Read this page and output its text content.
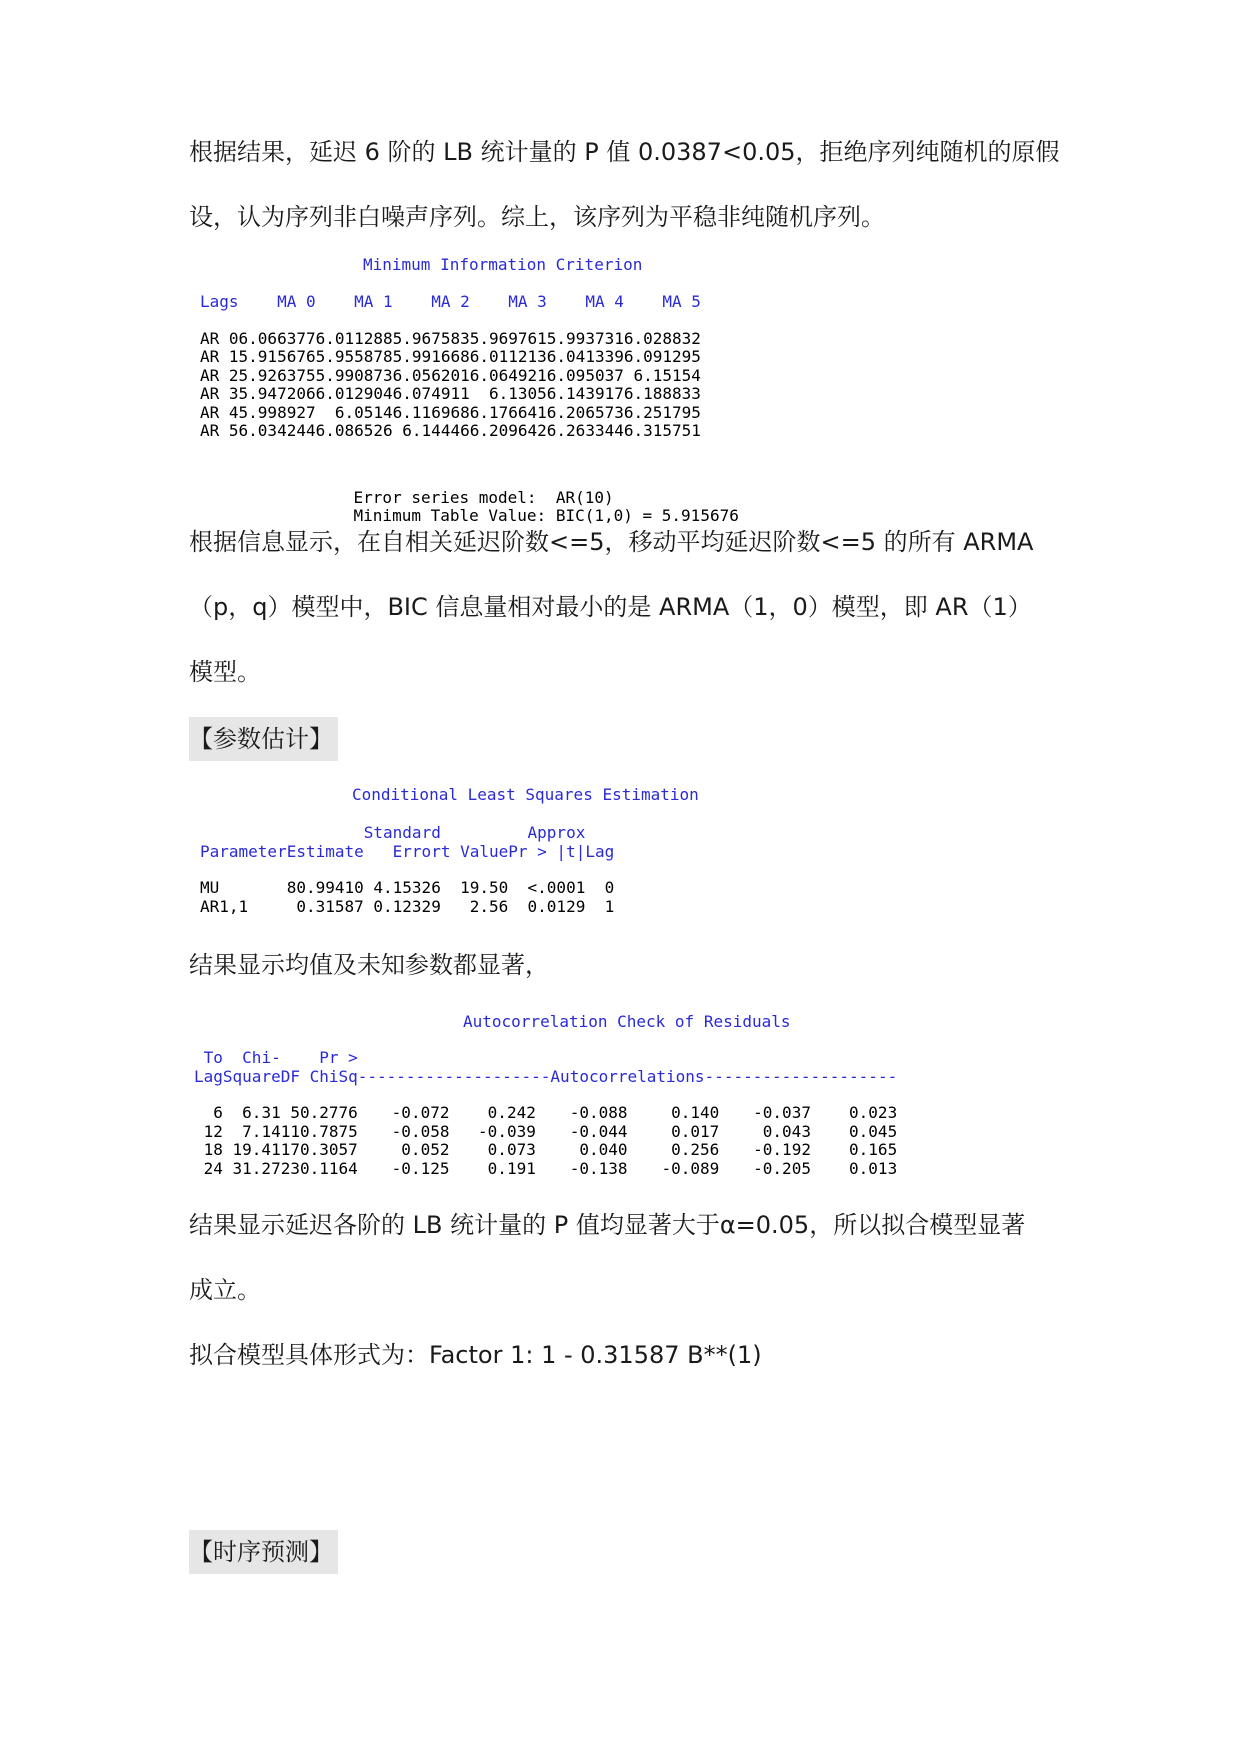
根据结果，延迟 6 阶的 LB 统计量的 P 值 0.0387<0.05，拒绝序列纯随机的原假

设，认为序列非白噪声序列。综上，该序列为平稳非纯随机序列。

Minimum Information Criterion
Lags	MA 0	MA 1	MA 2	MA 3	MA 4	MA 5

AR 0	6.066377	6.011288	5.967583	5.969761	5.993731	6.028832
AR 1	5.915676	5.955878	5.991668	6.011213	6.041339	6.091295
AR 2	5.926375	5.990873	6.056201	6.064921	6.095037	6.15154
AR 3	5.947206	6.012904	6.074911	6.1305	6.143917	6.188833
AR 4	5.998927	6.0514	6.116968	6.176641	6.206573	6.251795
AR 5	6.034244	6.086526	6.14446	6.209642	6.263344	6.315751

Error series model:  AR(10)

Minimum Table Value: BIC(1,0) = 5.915676

根据信息显示，在自相关延迟阶数<=5，移动平均延迟阶数<=5 的所有 ARMA

（p，q）模型中，BIC 信息量相对最小的是 ARMA（1，0）模型，即 AR（1）

模型。

【参数估计】
Conditional Least Squares Estimation
		Standard		Approx	
Parameter	Estimate	Error	t Value	Pr > |t|	Lag

MU	80.99410	4.15326	19.50	<.0001	0
AR1,1	0.31587	0.12329	2.56	0.0129	1

结果显示均值及未知参数都显著，

Autocorrelation Check of Residuals
To	Chi-		Pr >						
Lag	Square	DF	ChiSq	--------------------Autocorrelations--------------------					

6	6.31	5	0.2776	-0.072	0.242	-0.088	0.140	-0.037	0.023
12	7.14	11	0.7875	-0.058	-0.039	-0.044	0.017	0.043	0.045
18	19.41	17	0.3057	0.052	0.073	0.040	0.256	-0.192	0.165
24	31.27	23	0.1164	-0.125	0.191	-0.138	-0.089	-0.205	0.013

结果显示延迟各阶的 LB 统计量的 P 值均显著大于α=0.05，所以拟合模型显著

成立。

拟合模型具体形式为：Factor 1: 1 - 0.31587 B**(1)

【时序预测】
